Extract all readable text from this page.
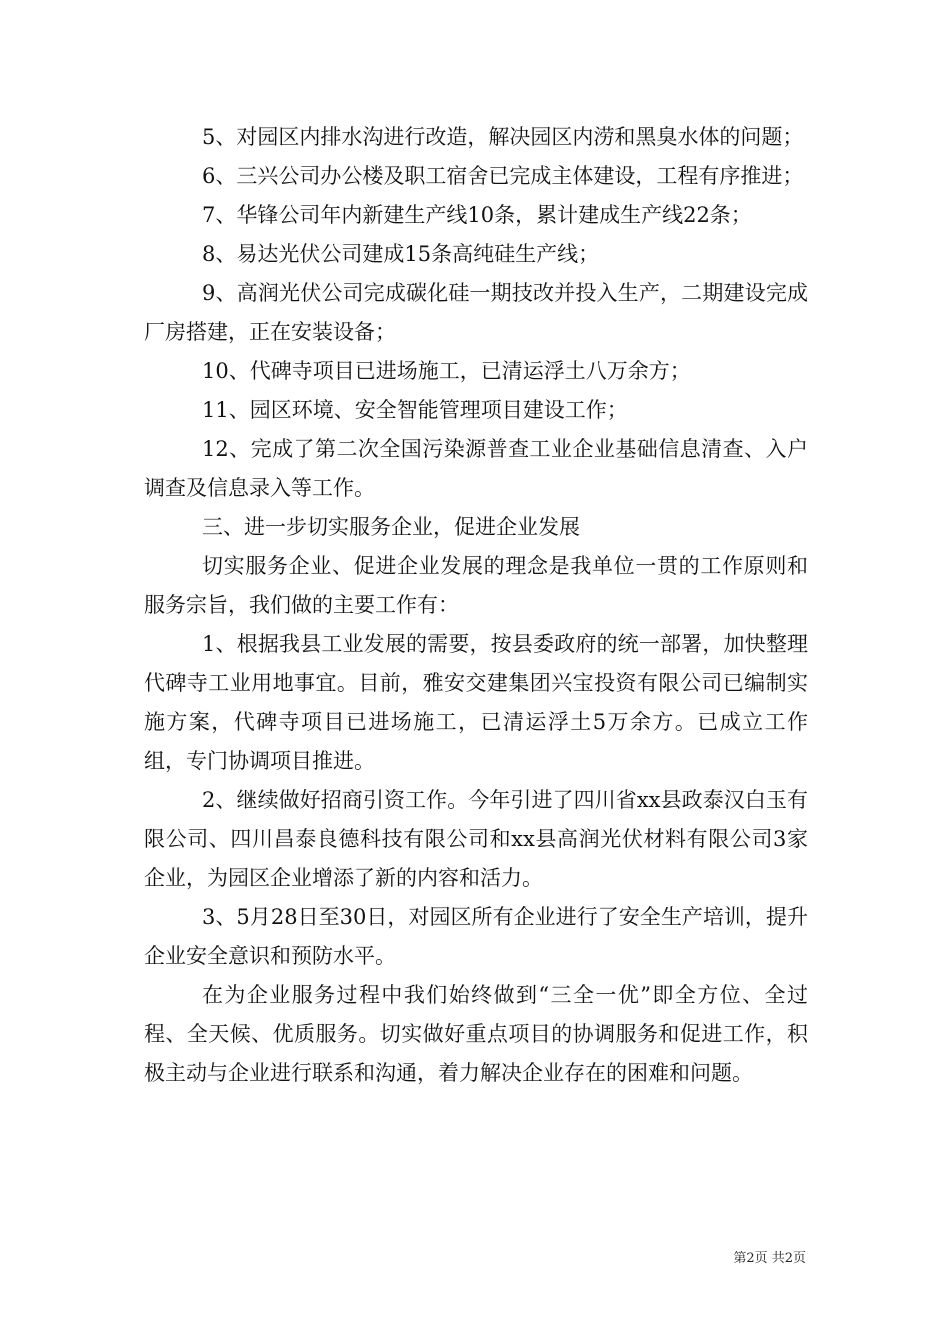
5、对园区内排水沟进行改造，解决园区内涝和黑臭水体的问题；

6、三兴公司办公楼及职工宿舍已完成主体建设，工程有序推进；

7、华锋公司年内新建生产线10条，累计建成生产线22条；

8、易达光伏公司建成15条高纯硅生产线；

9、高润光伏公司完成碳化硅一期技改并投入生产，二期建设完成厂房搭建，正在安装设备；

10、代碑寺项目已进场施工，已清运浮土八万余方；

11、园区环境、安全智能管理项目建设工作；

12、完成了第二次全国污染源普查工业企业基础信息清查、入户调查及信息录入等工作。

三、进一步切实服务企业，促进企业发展

切实服务企业、促进企业发展的理念是我单位一贯的工作原则和服务宗旨，我们做的主要工作有：

1、根据我县工业发展的需要，按县委政府的统一部署，加快整理代碑寺工业用地事宜。目前，雅安交建集团兴宝投资有限公司已编制实施方案，代碑寺项目已进场施工，已清运浮土5万余方。已成立工作组，专门协调项目推进。

2、继续做好招商引资工作。今年引进了四川省xx县政泰汉白玉有限公司、四川昌泰良德科技有限公司和xx县高润光伏材料有限公司3家企业，为园区企业增添了新的内容和活力。

3、5月28日至30日，对园区所有企业进行了安全生产培训，提升企业安全意识和预防水平。

在为企业服务过程中我们始终做到“三全一优”即全方位、全过程、全天候、优质服务。切实做好重点项目的协调服务和促进工作，积极主动与企业进行联系和沟通，着力解决企业存在的困难和问题。

第2页 共2页
